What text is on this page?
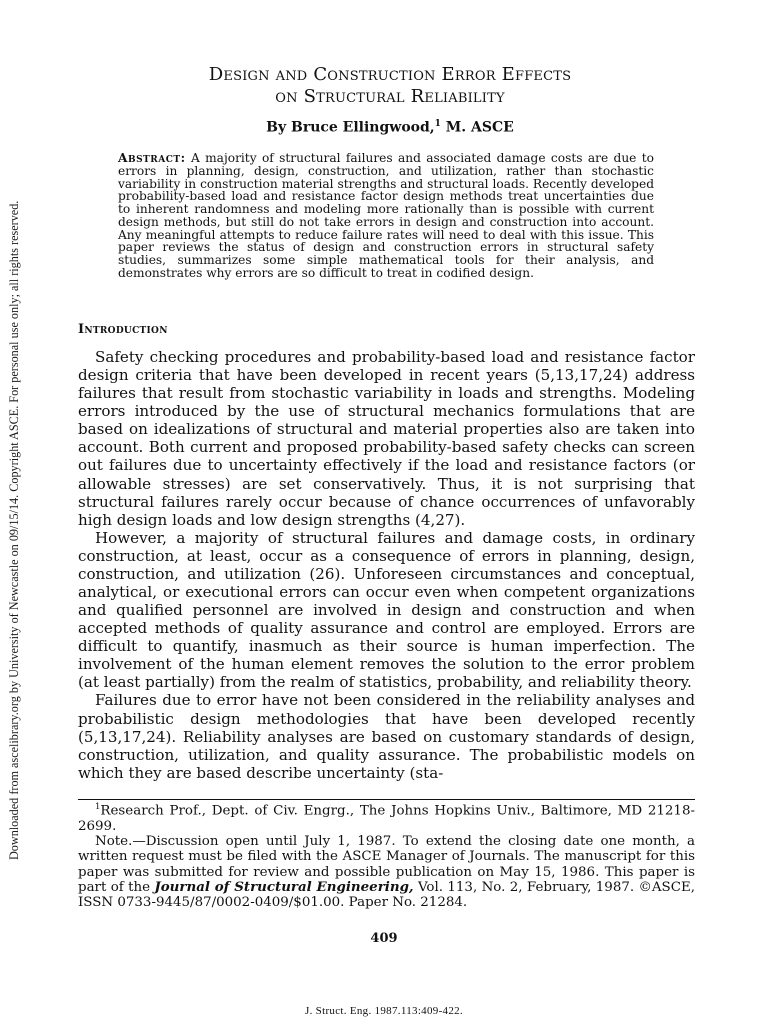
Downloaded from ascelibrary.org by University of Newcastle on 09/15/14. Copyright ASCE. For personal use only; all rights reserved.
Design and Construction Error Effects
on Structural Reliability
By Bruce Ellingwood,$^1$ M. ASCE

Abstract: A majority of structural failures and associated damage costs are due to errors in planning, design, construction, and utilization, rather than stochastic variability in construction material strengths and structural loads. Recently developed probability-based load and resistance factor design methods treat uncertainties due to inherent randomness and modeling more rationally than is possible with current design methods, but still do not take errors in design and construction into account. Any meaningful attempts to reduce failure rates will need to deal with this issue. This paper reviews the status of design and construction errors in structural safety studies, summarizes some simple mathematical tools for their analysis, and demonstrates why errors are so difficult to treat in codified design.

Introduction

Safety checking procedures and probability-based load and resistance factor design criteria that have been developed in recent years (5,13,17,24) address failures that result from stochastic variability in loads and strengths. Modeling errors introduced by the use of structural mechanics formulations that are based on idealizations of structural and material properties also are taken into account. Both current and proposed probability-based safety checks can screen out failures due to uncertainty effectively if the load and resistance factors (or allowable stresses) are set conservatively. Thus, it is not surprising that structural failures rarely occur because of chance occurrences of unfavorably high design loads and low design strengths (4,27).

However, a majority of structural failures and damage costs, in ordinary construction, at least, occur as a consequence of errors in planning, design, construction, and utilization (26). Unforeseen circumstances and conceptual, analytical, or executional errors can occur even when competent organizations and qualified personnel are involved in design and construction and when accepted methods of quality assurance and control are employed. Errors are difficult to quantify, inasmuch as their source is human imperfection. The involvement of the human element removes the solution to the error problem (at least partially) from the realm of statistics, probability, and reliability theory.

Failures due to error have not been considered in the reliability analyses and probabilistic design methodologies that have been developed recently (5,13,17,24). Reliability analyses are based on customary standards of design, construction, utilization, and quality assurance. The probabilistic models on which they are based describe uncertainty (sta-

$^1$Research Prof., Dept. of Civ. Engrg., The Johns Hopkins Univ., Baltimore, MD 21218-2699.

Note.—Discussion open until July 1, 1987. To extend the closing date one month, a written request must be filed with the ASCE Manager of Journals. The manuscript for this paper was submitted for review and possible publication on May 15, 1986. This paper is part of the Journal of Structural Engineering, Vol. 113, No. 2, February, 1987. ©ASCE, ISSN 0733-9445/87/0002-0409/$01.00. Paper No. 21284.

409
J. Struct. Eng. 1987.113:409-422.
